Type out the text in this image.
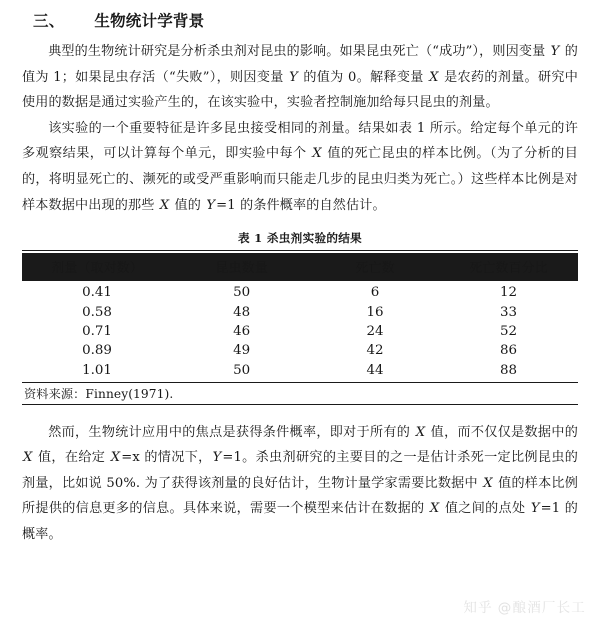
三、 生物统计学背景

典型的生物统计研究是分析杀虫剂对昆虫的影响。如果昆虫死亡（“成功”），则因变量 Y 的值为 1；如果昆虫存活（“失败”），则因变量 Y 的值为 0。解释变量 X 是农药的剂量。研究中使用的数据是通过实验产生的，在该实验中，实验者控制施加给每只昆虫的剂量。

该实验的一个重要特征是许多昆虫接受相同的剂量。结果如表 1 所示。给定每个单元的许多观察结果，可以计算每个单元，即实验中每个 X 值的死亡昆虫的样本比例。（为了分析的目的，将明显死亡的、濒死的或受严重影响而只能走几步的昆虫归类为死亡。）这些样本比例是对样本数据中出现的那些 X 值的 Y=1 的条件概率的自然估计。

表 1 杀虫剂实验的结果
剂量（取对数）	昆虫数量	死亡数	死亡数百分比
0.41	50	6	12
0.58	48	16	33
0.71	46	24	52
0.89	49	42	86
1.01	50	44	88
资料来源：Finney(1971).

然而，生物统计应用中的焦点是获得条件概率，即对于所有的 X 值，而不仅仅是数据中的 X 值，在给定 X=x 的情况下，Y=1。杀虫剂研究的主要目的之一是估计杀死一定比例昆虫的剂量，比如说 50%. 为了获得该剂量的良好估计，生物计量学家需要比数据中 X 值的样本比例所提供的信息更多的信息。具体来说，需要一个模型来估计在数据的 X 值之间的点处 Y=1 的概率。

知乎 @酿酒厂长工
